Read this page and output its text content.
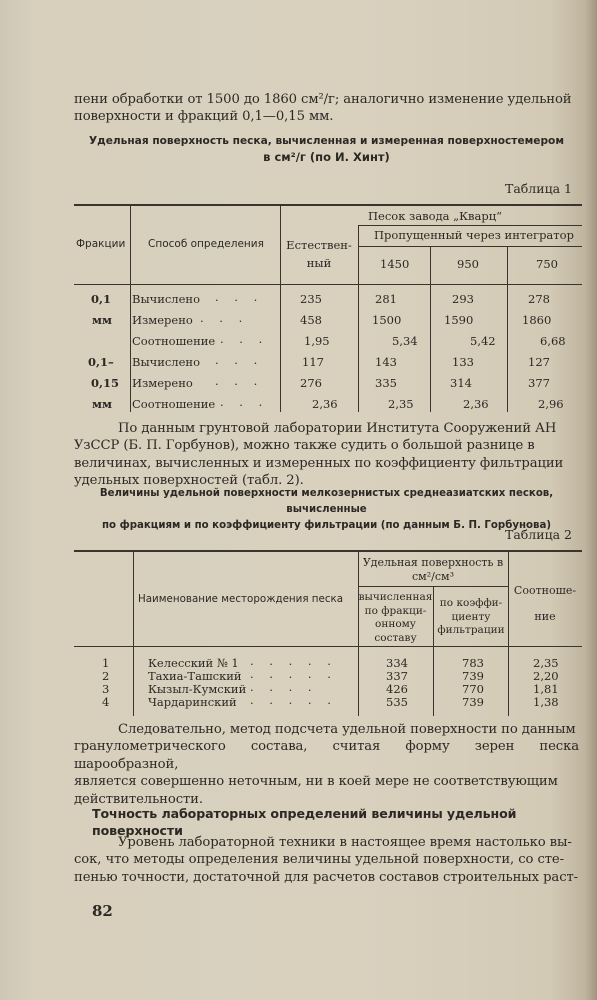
пени обработки от 1500 до 1860 см²/г; аналогично изменение удельной
поверхности и фракций 0,1—0,15 мм.
Удельная поверхность песка, вычисленная и измеренная поверхностемером
в см²/г (по И. Хинт)
Таблица 1
Фракции Способ определения
Песок завода „Кварц“
Естествен-ный
Пропущенный через интегратор
1450	950	750
0,1 Вычислено . . .	235	281	293	278
мм Измерено . . .	458	1500	1590	1860
Соотношение . . .	1,95	5,34	5,42	6,68
0,1– Вычислено . . .	117	143	133	127
0,15 Измерено . . .	276	335	314	377
мм Соотношение . . .	2,36	2,35	2,36	2,96
По данным грунтовой лаборатории Института Сооружений АН
УзССР (Б. П. Горбунов), можно также судить о большой разнице в
величинах, вычисленных и измеренных по коэффициенту фильтрации
удельных поверхностей (табл. 2).
Величины удельной поверхности мелкозернистых среднеазиатских песков, вычисленные
по фракциям и по коэффициенту фильтрации (по данным Б. П. Горбунова)
Таблица 2
Наименование месторождения песка
Удельная поверхность в см²/см³
вычисленная по фракци-онному составу
по коэффи-циенту фильтрации
Соотноше-ние
1	Келесский № 1 . . . . .	334	783	2,35
2	Тахиа-Ташский . . . . .	337	739	2,20
3	Кызыл-Кумский . . . .	426	770	1,81
4	Чардаринский . . . . .	535	739	1,38
Следовательно, метод подсчета удельной поверхности по данным
гранулометрического состава, считая форму зерен песка шарообразной,
является совершенно неточным, ни в коей мере не соответствующим
действительности.
Точность лабораторных определений величины удельной поверхности
Уровень лабораторной техники в настоящее время настолько вы-
сок, что методы определения величины удельной поверхности, со сте-
пенью точности, достаточной для расчетов составов строительных раст-
82
